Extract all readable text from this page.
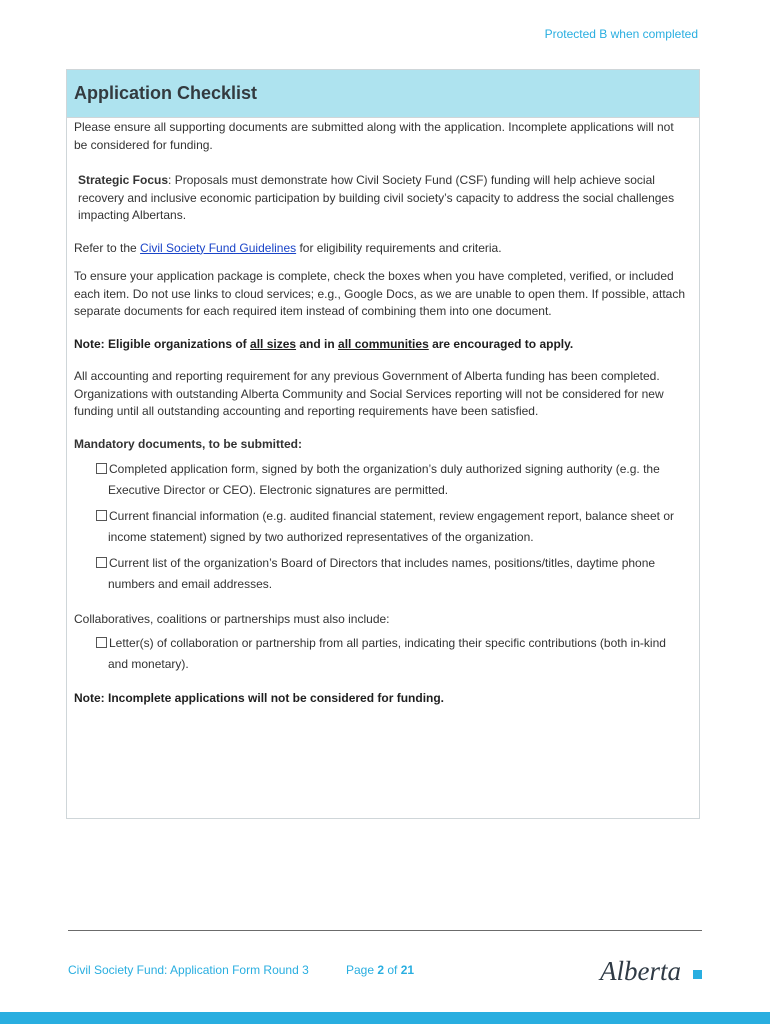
Protected B when completed
Application Checklist

Please ensure all supporting documents are submitted along with the application. Incomplete applications will not be considered for funding.

Strategic Focus: Proposals must demonstrate how Civil Society Fund (CSF) funding will help achieve social recovery and inclusive economic participation by building civil society’s capacity to address the social challenges impacting Albertans.

Refer to the Civil Society Fund Guidelines for eligibility requirements and criteria.

To ensure your application package is complete, check the boxes when you have completed, verified, or included each item. Do not use links to cloud services; e.g., Google Docs, as we are unable to open them. If possible, attach separate documents for each required item instead of combining them into one document.

Note: Eligible organizations of all sizes and in all communities are encouraged to apply.

All accounting and reporting requirement for any previous Government of Alberta funding has been completed. Organizations with outstanding Alberta Community and Social Services reporting will not be considered for new funding until all outstanding accounting and reporting requirements have been satisfied.

Mandatory documents, to be submitted:

Completed application form, signed by both the organization’s duly authorized signing authority (e.g. the Executive Director or CEO). Electronic signatures are permitted.
Current financial information (e.g. audited financial statement, review engagement report, balance sheet or income statement) signed by two authorized representatives of the organization.
Current list of the organization’s Board of Directors that includes names, positions/titles, daytime phone numbers and email addresses.

Collaboratives, coalitions or partnerships must also include:

Letter(s) of collaboration or partnership from all parties, indicating their specific contributions (both in-kind and monetary).

Note: Incomplete applications will not be considered for funding.

Civil Society Fund: Application Form Round 3	Page 2 of 21	Alberta
